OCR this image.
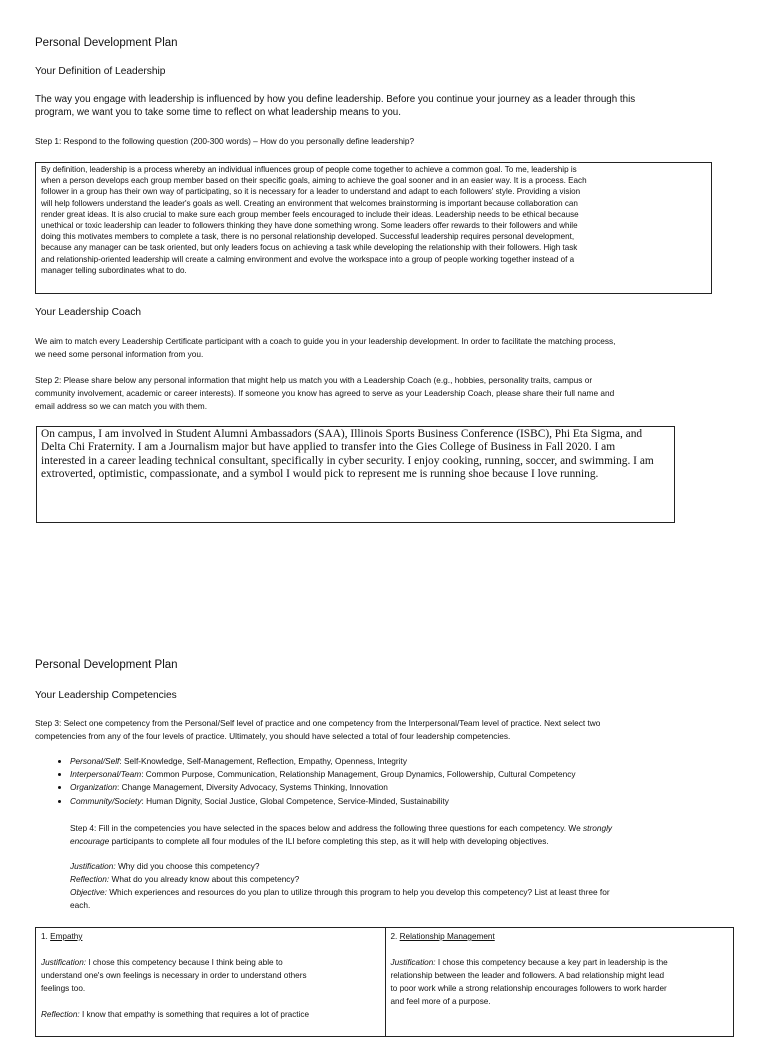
Personal Development Plan
Your Definition of Leadership
The way you engage with leadership is influenced by how you define leadership. Before you continue your journey as a leader through this
program, we want you to take some time to reflect on what leadership means to you.
Step 1: Respond to the following question (200-300 words) – How do you personally define leadership?

By definition, leadership is a process whereby an individual influences group of people come together to achieve a common goal. To me, leadership is

when a person develops each group member based on their specific goals, aiming to achieve the goal sooner and in an easier way. It is a process. Each

follower in a group has their own way of participating, so it is necessary for a leader to understand and adapt to each followers' style. Providing a vision

will help followers understand the leader's goals as well. Creating an environment that welcomes brainstorming is important because collaboration can

render great ideas. It is also crucial to make sure each group member feels encouraged to include their ideas. Leadership needs to be ethical because

unethical or toxic leadership can leader to followers thinking they have done something wrong. Some leaders offer rewards to their followers and while

doing this motivates members to complete a task, there is no personal relationship developed. Successful leadership requires personal development,

because any manager can be task oriented, but only leaders focus on achieving a task while developing the relationship with their followers. High task

and relationship-oriented leadership will create a calming environment and evolve the workspace into a group of people working together instead of a

manager telling subordinates what to do.

Your Leadership Coach
We aim to match every Leadership Certificate participant with a coach to guide you in your leadership development. In order to facilitate the matching process,
we need some personal information from you.
Step 2: Please share below any personal information that might help us match you with a Leadership Coach (e.g., hobbies, personality traits, campus or
community involvement, academic or career interests). If someone you know has agreed to serve as your Leadership Coach, please share their full name and
email address so we can match you with them.

On campus, I am involved in Student Alumni Ambassadors (SAA), Illinois Sports Business Conference (ISBC), Phi Eta Sigma, and

Delta Chi Fraternity. I am a Journalism major but have applied to transfer into the Gies College of Business in Fall 2020. I am

interested in a career leading technical consultant, specifically in cyber security. I enjoy cooking, running, soccer, and swimming. I am

extroverted, optimistic, compassionate, and a symbol I would pick to represent me is running shoe because I love running.

Personal Development Plan
Your Leadership Competencies
Step 3: Select one competency from the Personal/Self level of practice and one competency from the Interpersonal/Team level of practice. Next select two
competencies from any of the four levels of practice. Ultimately, you should have selected a total of four leadership competencies.
• Personal/Self: Self-Knowledge, Self-Management, Reflection, Empathy, Openness, Integrity
• Interpersonal/Team: Common Purpose, Communication, Relationship Management, Group Dynamics, Followership, Cultural Competency
• Organization: Change Management, Diversity Advocacy, Systems Thinking, Innovation
• Community/Society: Human Dignity, Social Justice, Global Competence, Service-Minded, Sustainability
Step 4: Fill in the competencies you have selected in the spaces below and address the following three questions for each competency. We strongly
encourage participants to complete all four modules of the ILI before completing this step, as it will help with developing objectives.
Justification: Why did you choose this competency?
Reflection: What do you already know about this competency?
Objective: Which experiences and resources do you plan to utilize through this program to help you develop this competency? List at least three for
each.

1. Empathy

Justification: I chose this competency because I think being able to

understand one's own feelings is necessary in order to understand others

feelings too.

Reflection: I know that empathy is something that requires a lot of practice

2. Relationship Management

Justification: I chose this competency because a key part in leadership is the

relationship between the leader and followers. A bad relationship might lead

to poor work while a strong relationship encourages followers to work harder

and feel more of a purpose.
